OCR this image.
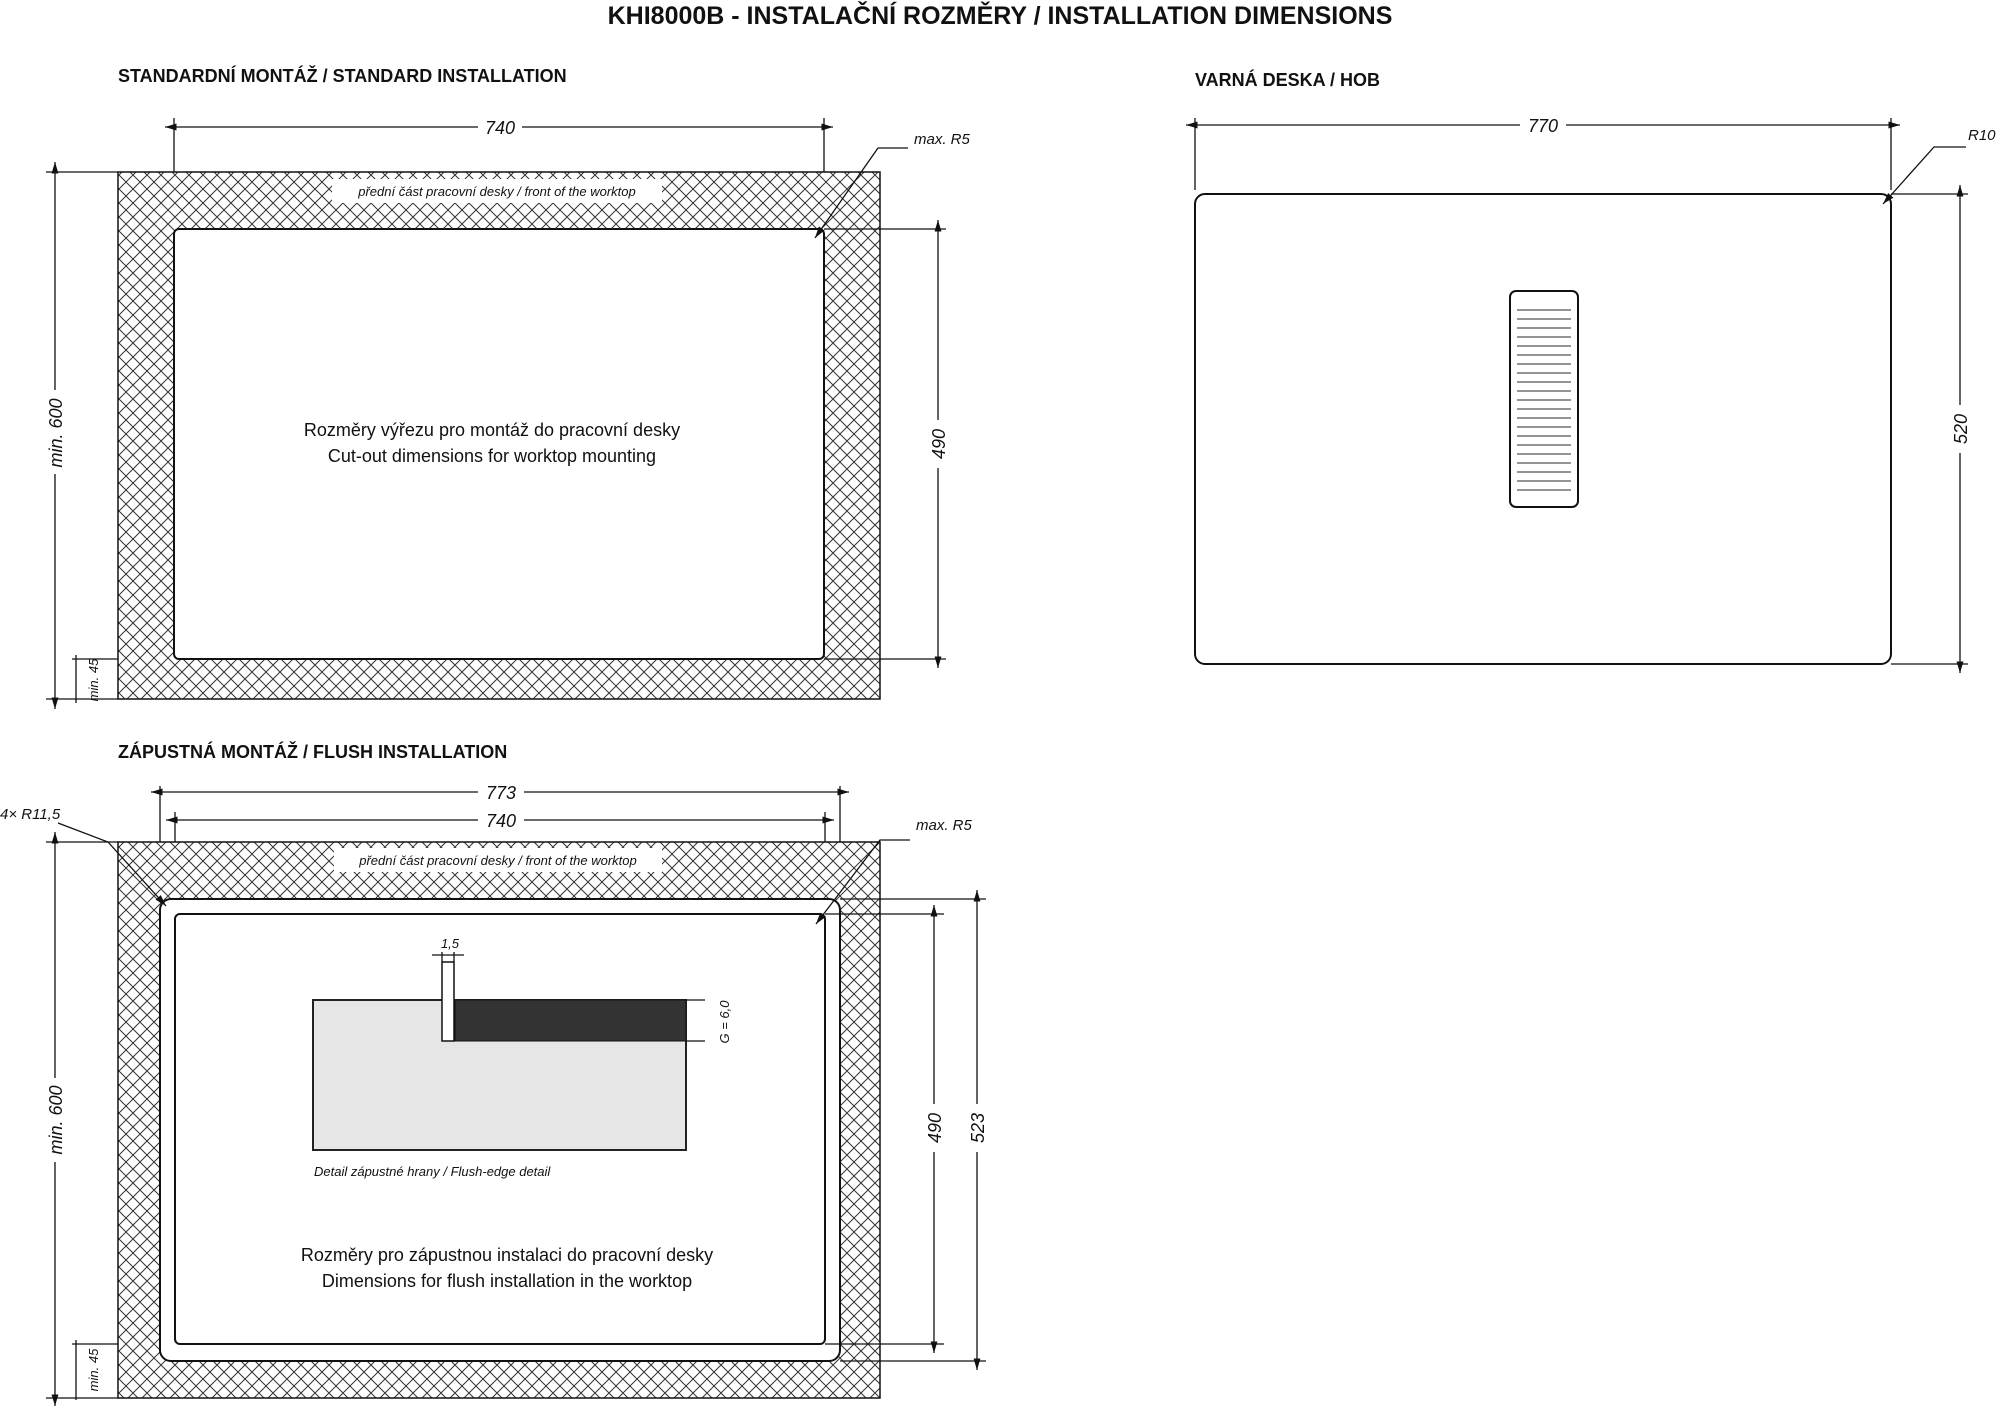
KHI8000B - INSTALAČNÍ ROZMĚRY / INSTALLATION DIMENSIONS
STANDARDNÍ MONTÁŽ / STANDARD INSTALLATION
přední část pracovní desky / front of the worktop
740
max. R5
min. 600
min. 45
490
Rozměry výřezu pro montáž do pracovní desky
Cut-out dimensions for worktop mounting
VARNÁ DESKA / HOB
770	R10
520
ZÁPUSTNÁ MONTÁŽ / FLUSH INSTALLATION
přední část pracovní desky / front of the worktop
773
740
4× R11,5
max. R5
1,5
G = 6,0
Detail zápustné hrany / Flush-edge detail
min. 600
min. 45
490 523
Rozměry pro zápustnou instalaci do pracovní desky
Dimensions for flush installation in the worktop
